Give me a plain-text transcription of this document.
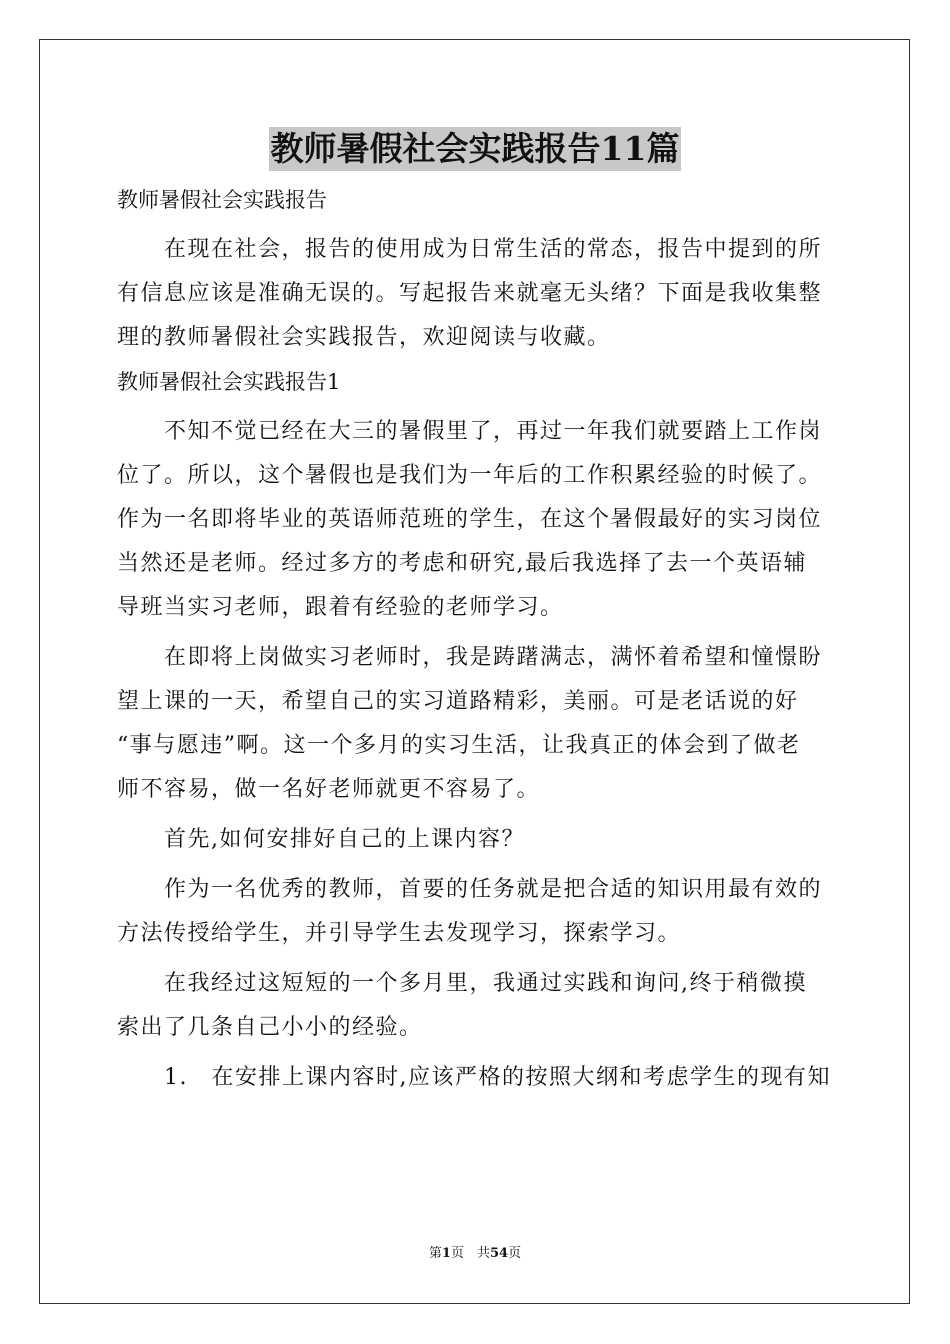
教师暑假社会实践报告11篇
教师暑假社会实践报告
　　在现在社会，报告的使用成为日常生活的常态，报告中提到的所
有信息应该是准确无误的。写起报告来就毫无头绪？下面是我收集整
理的教师暑假社会实践报告，欢迎阅读与收藏。
教师暑假社会实践报告1
　　不知不觉已经在大三的暑假里了，再过一年我们就要踏上工作岗
位了。所以，这个暑假也是我们为一年后的工作积累经验的时候了。
作为一名即将毕业的英语师范班的学生，在这个暑假最好的实习岗位
当然还是老师。经过多方的考虑和研究,最后我选择了去一个英语辅
导班当实习老师，跟着有经验的老师学习。
　　在即将上岗做实习老师时，我是踌躇满志，满怀着希望和憧憬盼
望上课的一天，希望自己的实习道路精彩，美丽。可是老话说的好
“事与愿违”啊。这一个多月的实习生活，让我真正的体会到了做老
师不容易，做一名好老师就更不容易了。
　　首先,如何安排好自己的上课内容？
　　作为一名优秀的教师，首要的任务就是把合适的知识用最有效的
方法传授给学生，并引导学生去发现学习，探索学习。
　　在我经过这短短的一个多月里，我通过实践和询问,终于稍微摸
索出了几条自己小小的经验。
　　1.　在安排上课内容时,应该严格的按照大纲和考虑学生的现有知
第1页　共54页
